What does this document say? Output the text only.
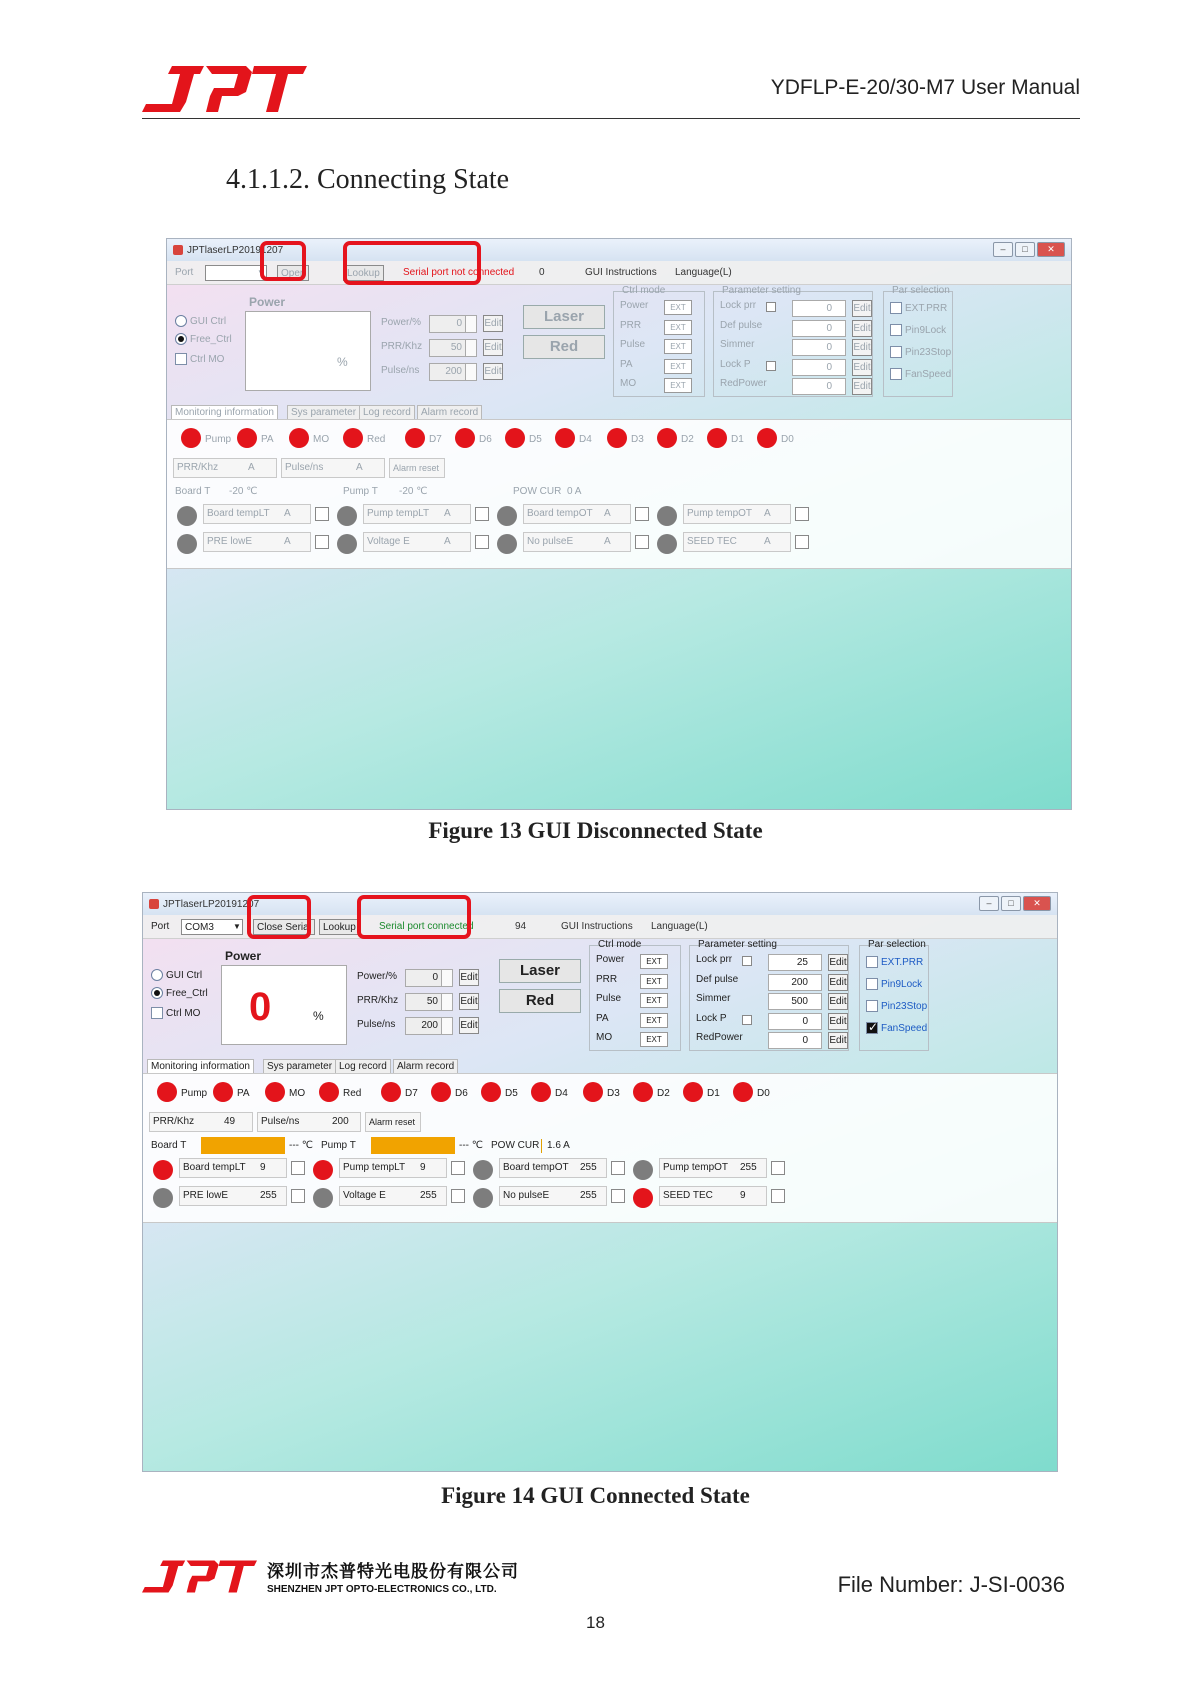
YDFLP-E-20/30-M7 User Manual
4.1.1.2. Connecting State
JPTlaserLP20191207	–	□	✕
Port	▼	Open	Lookup	Serial port not connected 0	GUI Instructions Language(L)
GUI Ctrl
Free_Ctrl
Ctrl MO
Power
%
Power/%	0	Edit
PRR/Khz	50	Edit
Pulse/ns	200	Edit
Laser
Red
Ctrl mode
Power	EXT
PRR	EXT
Pulse	EXT
PA	EXT
MO	EXT
Parameter setting
Lock prr	0	Edit
Def pulse	0	Edit
Simmer	0	Edit
Lock P	0	Edit
RedPower	0	Edit
Par selection
EXT.PRR
Pin9Lock
Pin23Stop
FanSpeed
Monitoring information	Sys parameter Log record	Alarm record
Pump	PA	MO	Red	D7	D6	D5	D4	D3	D2	D1	D0
PRR/Khz	A	Pulse/ns	A	Alarm reset
Board T -20 ℃	Pump T -20 ℃	POW CUR 0 A
Board tempLT	A	Pump tempLT	A	Board tempOT	A	Pump tempOT	A
PRE lowE	A	Voltage E	A	No pulseE	A	SEED TEC	A
Figure 13 GUI Disconnected State
JPTlaserLP20191207	–	□	✕
Port	COM3	▼	Close Serial	Lookup	Serial port connected	94	GUI Instructions Language(L)
GUI Ctrl
Free_Ctrl
Ctrl MO
Power
0	%
Power/%	0	Edit
PRR/Khz	50	Edit
Pulse/ns	200	Edit
Laser
Red
Ctrl mode
Power	EXT
PRR	EXT
Pulse	EXT
PA	EXT
MO	EXT
Parameter setting
Lock prr	25	Edit
Def pulse	200	Edit
Simmer	500	Edit
Lock P	0	Edit
RedPower	0	Edit
Par selection
EXT.PRR
Pin9Lock
Pin23Stop
✓
FanSpeed
Monitoring information	Sys parameter Log record	Alarm record
Pump	PA	MO	Red	D7	D6	D5	D4	D3	D2	D1	D0
PRR/Khz	49	Pulse/ns	200	Alarm reset
Board T	--- ℃ Pump T	--- ℃ POW CUR 1.6 A
Board tempLT	9	Pump tempLT	9	Board tempOT	255	Pump tempOT	255
PRE lowE	255	Voltage E	255	No pulseE	255	SEED TEC	9
Figure 14 GUI Connected State
深圳市杰普特光电股份有限公司
SHENZHEN JPT OPTO-ELECTRONICS CO., LTD.	File Number: J-SI-0036
18
